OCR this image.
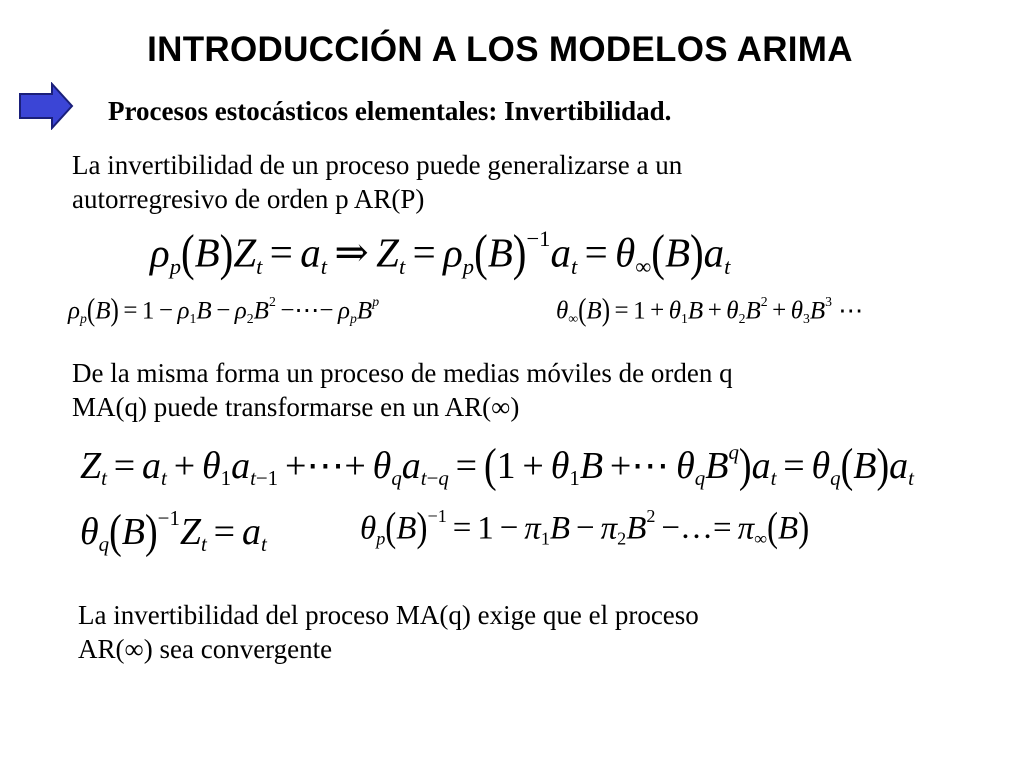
INTRODUCCIÓN A LOS MODELOS ARIMA
Procesos estocásticos elementales: Invertibilidad.
La invertibilidad de un proceso puede generalizarse a un
autorregresivo de orden p AR(P)
$\rho_p(B)Z_t = a_t$ ⇒ $Z_t = \rho_p(B)^{-1}a_t = \theta_\infty(B)a_t$
$\rho_p(B) = 1 - \rho_1B - \rho_2B^2$ −⋯− $\rho_pB^p$	$\theta_\infty(B) = 1 + \theta_1B + \theta_2B^2 + \theta_3B^3$ ⋯
De la misma forma un proceso de medias móviles de orden q
MA(q) puede transformarse en un AR(∞)
$Z_t = a_t + \theta_1a_{t-1}$ +⋯+ $\theta_qa_{t-q} = (1 + \theta_1B$ +⋯ $\theta_qB^q)a_t = \theta_q(B)a_t$
$\theta_q(B)^{-1}Z_t = a_t$	$\theta_p(B)^{-1} = 1 - \pi_1B - \pi_2B^2$ −…= $\pi_\infty(B)$
La invertibilidad del proceso MA(q) exige que el proceso
AR(∞) sea convergente
